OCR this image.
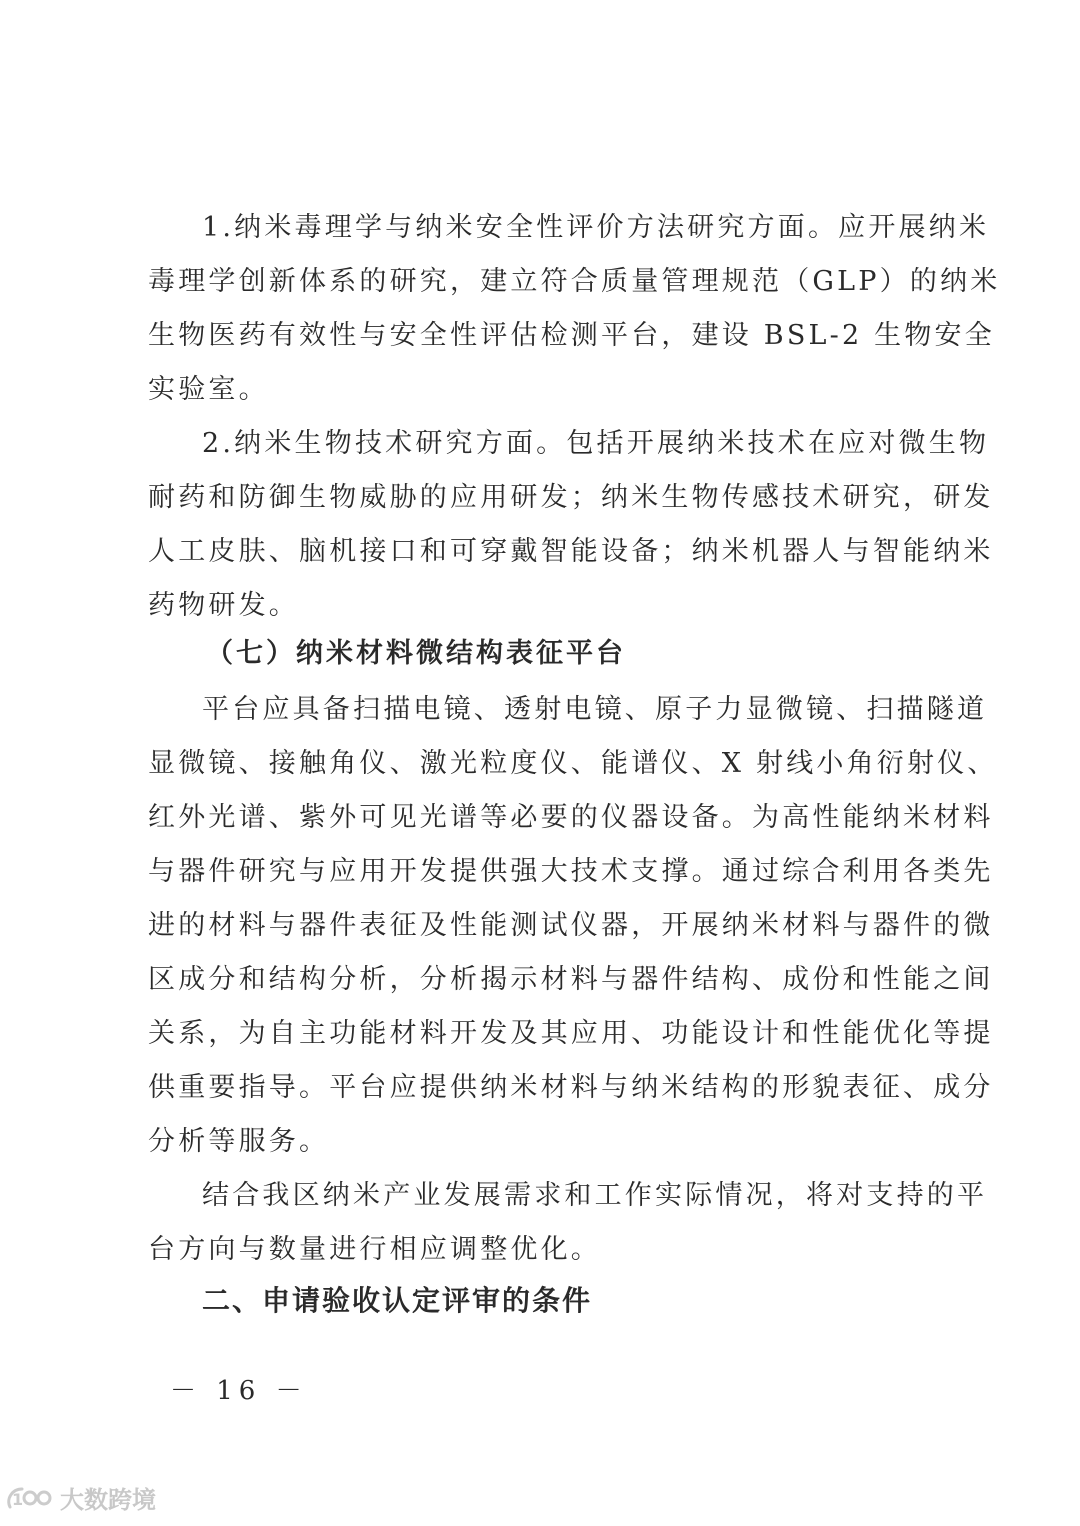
1.纳米毒理学与纳米安全性评价方法研究方面。应开展纳米
毒理学创新体系的研究，建立符合质量管理规范（GLP）的纳米
生物医药有效性与安全性评估检测平台，建设 BSL-2 生物安全
实验室。
2.纳米生物技术研究方面。包括开展纳米技术在应对微生物
耐药和防御生物威胁的应用研发；纳米生物传感技术研究，研发
人工皮肤、脑机接口和可穿戴智能设备；纳米机器人与智能纳米
药物研发。
（七）纳米材料微结构表征平台
平台应具备扫描电镜、透射电镜、原子力显微镜、扫描隧道
显微镜、接触角仪、激光粒度仪、能谱仪、X 射线小角衍射仪、
红外光谱、紫外可见光谱等必要的仪器设备。为高性能纳米材料
与器件研究与应用开发提供强大技术支撑。通过综合利用各类先
进的材料与器件表征及性能测试仪器，开展纳米材料与器件的微
区成分和结构分析，分析揭示材料与器件结构、成份和性能之间
关系，为自主功能材料开发及其应用、功能设计和性能优化等提
供重要指导。平台应提供纳米材料与纳米结构的形貌表征、成分
分析等服务。
结合我区纳米产业发展需求和工作实际情况，将对支持的平
台方向与数量进行相应调整优化。
二、申请验收认定评审的条件
－ 16 －
1 大数跨境
